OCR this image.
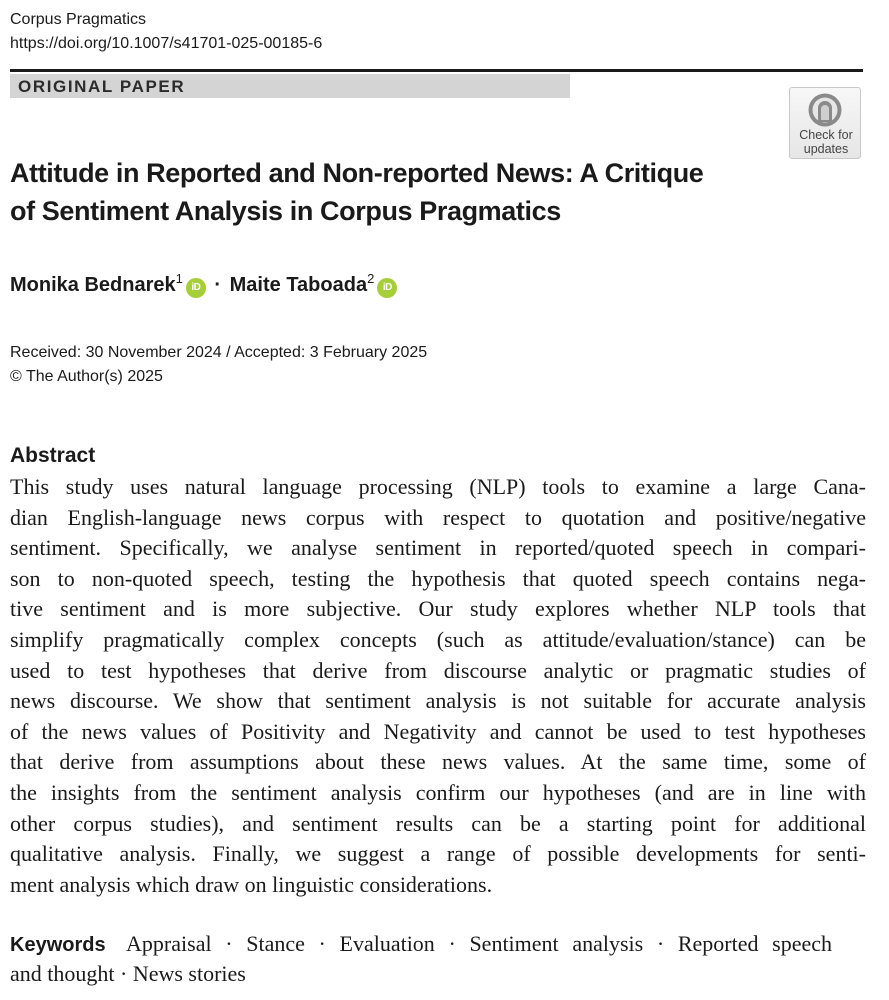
Corpus Pragmatics
https://doi.org/10.1007/s41701-025-00185-6
ORIGINAL PAPER
Check for
updates
Attitude in Reported and Non-reported News: A Critique
of Sentiment Analysis in Corpus Pragmatics
Monika Bednarek$^1$iD · Maite Taboada$^2$iD
Received: 30 November 2024 / Accepted: 3 February 2025
© The Author(s) 2025
Abstract
This study uses natural language processing (NLP) tools to examine a large Cana-
dian English-language news corpus with respect to quotation and positive/negative
sentiment. Specifically, we analyse sentiment in reported/quoted speech in compari-
son to non-quoted speech, testing the hypothesis that quoted speech contains nega-
tive sentiment and is more subjective. Our study explores whether NLP tools that
simplify pragmatically complex concepts (such as attitude/evaluation/stance) can be
used to test hypotheses that derive from discourse analytic or pragmatic studies of
news discourse. We show that sentiment analysis is not suitable for accurate analysis
of the news values of Positivity and Negativity and cannot be used to test hypotheses
that derive from assumptions about these news values. At the same time, some of
the insights from the sentiment analysis confirm our hypotheses (and are in line with
other corpus studies), and sentiment results can be a starting point for additional
qualitative analysis. Finally, we suggest a range of possible developments for senti-
ment analysis which draw on linguistic considerations.
Keywords Appraisal · Stance · Evaluation · Sentiment analysis · Reported speech
and thought · News stories
